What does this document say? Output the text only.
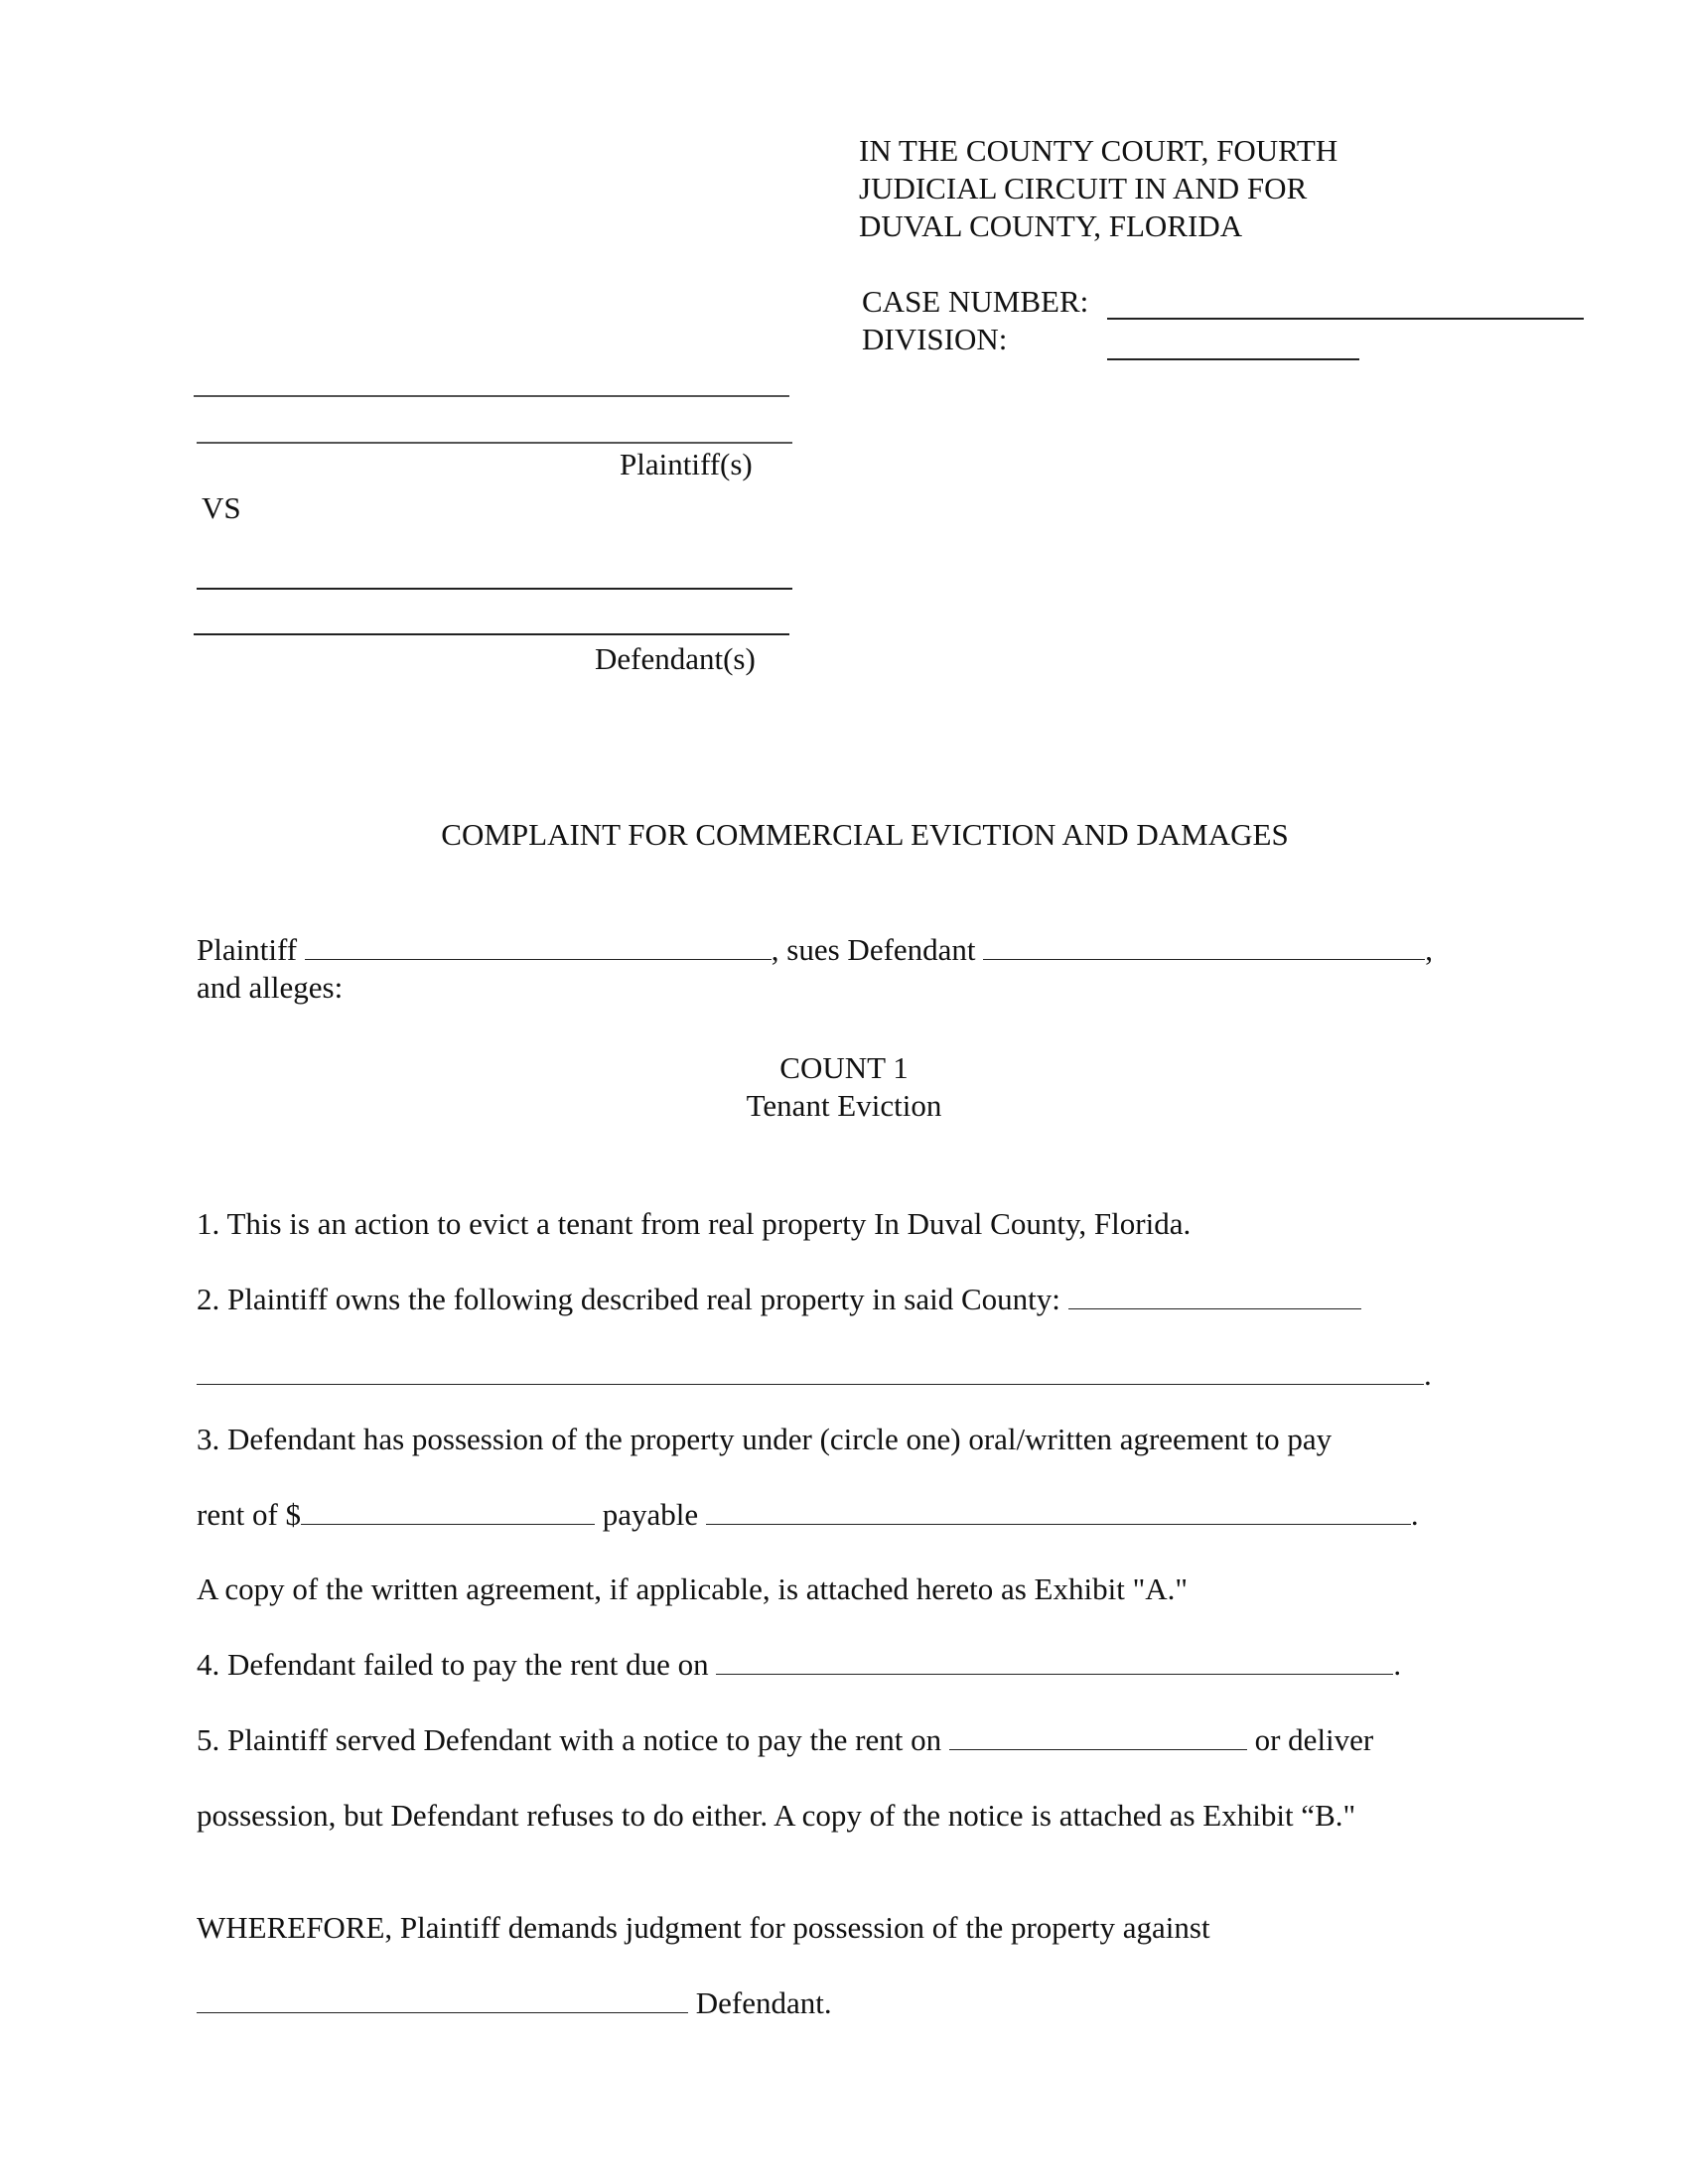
IN THE COUNTY COURT, FOURTH
JUDICIAL CIRCUIT IN AND FOR
DUVAL COUNTY, FLORIDA
CASE NUMBER:
DIVISION:
Plaintiff(s)
VS
Defendant(s)
COMPLAINT FOR COMMERCIAL EVICTION AND DAMAGES
Plaintiff	, sues Defendant	,
and alleges:
COUNT 1
Tenant Eviction
1. This is an action to evict a tenant from real property In Duval County, Florida.
2. Plaintiff owns the following described real property in said County:
.
3. Defendant has possession of the property under (circle one) oral/written agreement to pay
rent of $	payable	.
A copy of the written agreement, if applicable, is attached hereto as Exhibit "A."
4. Defendant failed to pay the rent due on	.
5. Plaintiff served Defendant with a notice to pay the rent on	or deliver
possession, but Defendant refuses to do either. A copy of the notice is attached as Exhibit “B."
WHEREFORE, Plaintiff demands judgment for possession of the property against
Defendant.
